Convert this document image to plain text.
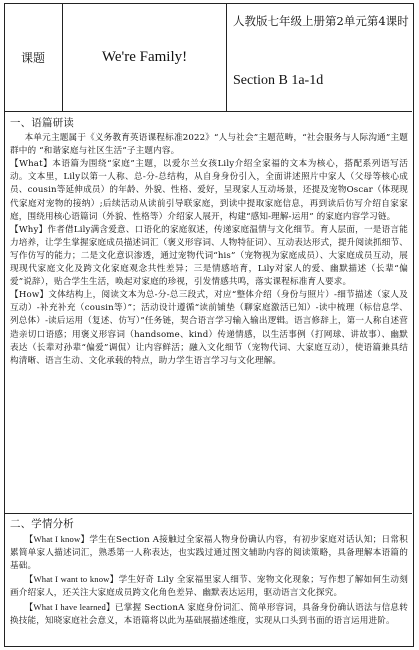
课题	We're Family!
人教版七年级上册第2单元第4课时
Section B 1a-1d
一、语篇研读

本单元主题属于《义务教育英语课程标准2022》“人与社会”主题范畴，“社会服务与人际沟通”主题群中的 “和谐家庭与社区生活”子主题内容。

【What】本语篇为围绕“家庭”主题，以爱尔兰女孩Lily介绍全家福的文本为核心，搭配系列语写活动。文本里，Lily以第一人称、总-分-总结构，从自身身份引入，全面讲述照片中家人（父母等核心成员、cousin等延伸成员）的年龄、外貌、性格、爱好，呈现家人互动场景，还提及宠物Oscar（体现现代家庭对宠物的接纳）;后续活动从读前引导联家庭，到读中提取家庭信息，再到读后仿写介绍自家家庭，围绕用核心语篇词（外貌、性格等）介绍家人展开，构建“感知-理解-运用” 的家庭内容学习链。

【Why】作者借Lily满含爱意、口语化的家庭叙述，传递家庭温情与文化细节。育人层面，一是语言能力培养，让学生掌握家庭成员描述词汇（褒义形容词、人物特征词）、互动表达形式，提升阅读抓细节、写作仿写的能力；二是文化意识渗透，通过宠物代词“his”（宠物视为家庭成员）、大家庭成员互动，展现现代家庭文化及跨文化家庭观念共性差异；三是情感培育，Lily对家人的爱、幽默描述（长辈“偏爱”说辞），贴合学生生活，唤起对家庭的珍视，引发情感共鸣，落实课程标准育人要求。

【How】文体结构上，阅读文本为总-分-总三段式，对应“整体介绍（身份与照片）-细节描述（家人及互动）-补充补充（cousin等）”；活动设计遵循“读前铺垫（聊家庭激活已知）-读中梳理（标信息学、列总体）-读后运用（复述、仿写）”任务链，契合语言学习输入输出逻辑。语言修辞上，第一人称自述营造亲切口语感；用褒义形容词（handsome、kind）传递情感，以生活事例（打网球、讲故事）、幽默表达（长辈对孙辈“偏爱”调侃）让内容鲜活；融入文化细节（宠物代词、大家庭互动），使语篇兼具结构清晰、语言生动、文化承载的特点，助力学生语言学习与文化理解。

二、学情分析

【What I know】学生在Section A接触过全家福人物身份确认内容，有初步家庭对话认知；日常积累简单家人描述词汇，熟悉第一人称表达，也实践过通过图文辅助内容的阅读策略，具备理解本语篇的基础。

【What I want to know】学生好奇 Lily 全家福里家人细节、宠物文化现象；写作想了解如何生动刻画介绍家人，还关注大家庭成员跨文化角色差异、幽默表达运用，驱动语言文化探究。

【What I have learned】已掌握 SectionA 家庭身份词汇、简单形容词，具备身份确认语法与信息转换技能，知晓家庭社会意义，本语篇将以此为基础展描述维度，实现从口头到书面的语言运用进阶。
